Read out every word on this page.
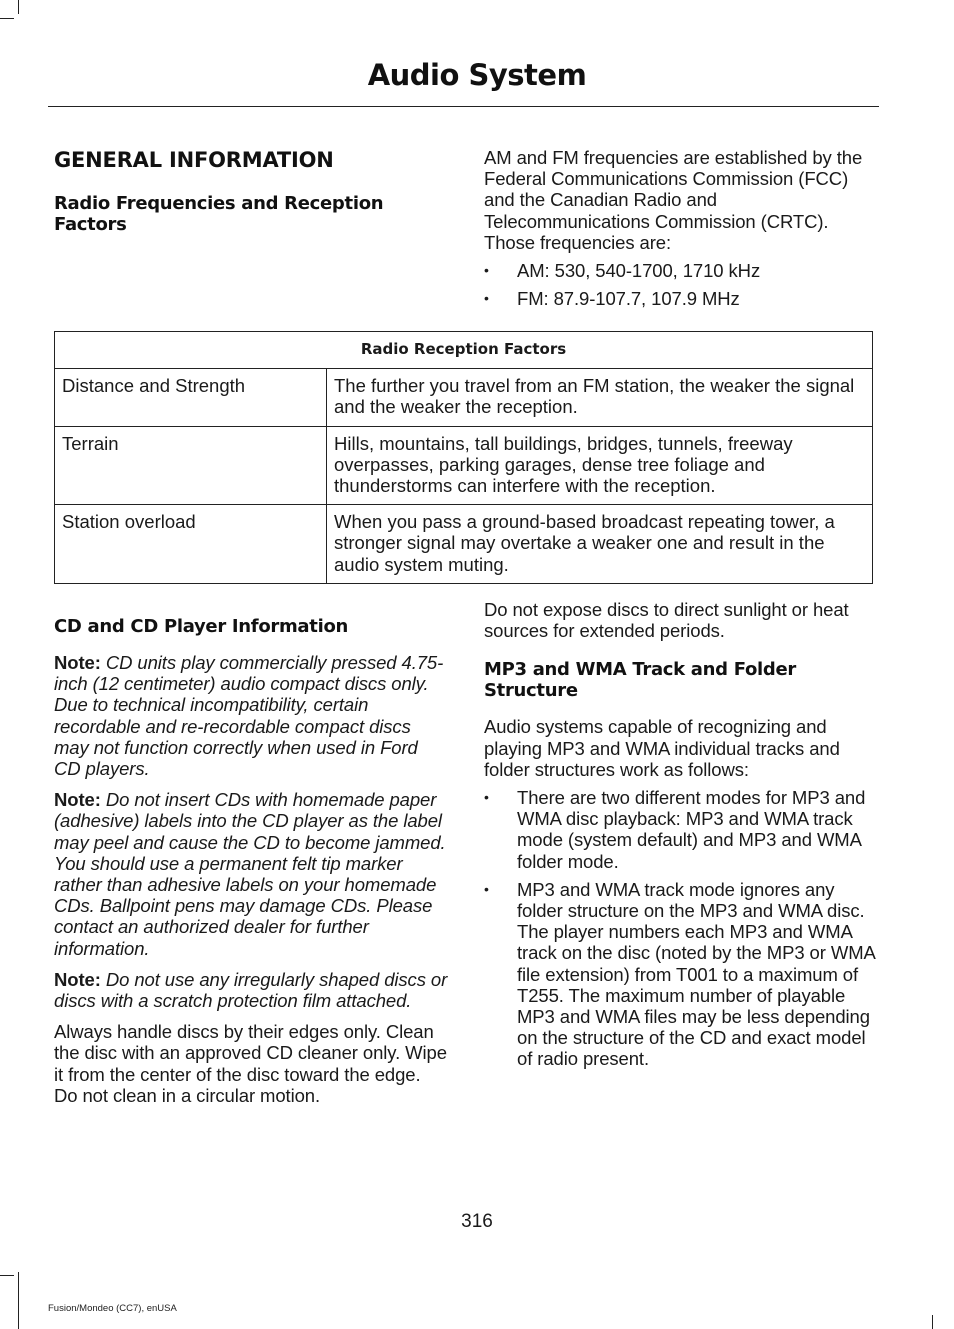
Audio System
GENERAL INFORMATION
Radio Frequencies and Reception Factors

AM and FM frequencies are established by the Federal Communications Commission (FCC) and the Canadian Radio and Telecommunications Commission (CRTC). Those frequencies are:

• AM: 530, 540-1700, 1710 kHz
• FM: 87.9-107.7, 107.9 MHz
Radio Reception Factors	
Distance and Strength	The further you travel from an FM station, the weaker the signal and the weaker the reception.
Terrain	Hills, mountains, tall buildings, bridges, tunnels, freeway overpasses, parking garages, dense tree foliage and thunderstorms can interfere with the reception.
Station overload	When you pass a ground-based broadcast repeating tower, a stronger signal may overtake a weaker one and result in the audio system muting.
CD and CD Player Information

Note: CD units play commercially pressed 4.75-inch (12 centimeter) audio compact discs only. Due to technical incompatibility, certain recordable and re-recordable compact discs may not function correctly when used in Ford CD players.

Note: Do not insert CDs with homemade paper (adhesive) labels into the CD player as the label may peel and cause the CD to become jammed. You should use a permanent felt tip marker rather than adhesive labels on your homemade CDs. Ballpoint pens may damage CDs. Please contact an authorized dealer for further information.

Note: Do not use any irregularly shaped discs or discs with a scratch protection film attached.

Always handle discs by their edges only. Clean the disc with an approved CD cleaner only. Wipe it from the center of the disc toward the edge. Do not clean in a circular motion.

Do not expose discs to direct sunlight or heat sources for extended periods.

MP3 and WMA Track and Folder Structure

Audio systems capable of recognizing and playing MP3 and WMA individual tracks and folder structures work as follows:

• There are two different modes for MP3 and WMA disc playback: MP3 and WMA track mode (system default) and MP3 and WMA folder mode.
• MP3 and WMA track mode ignores any folder structure on the MP3 and WMA disc. The player numbers each MP3 and WMA track on the disc (noted by the MP3 or WMA file extension) from T001 to a maximum of T255. The maximum number of playable MP3 and WMA files may be less depending on the structure of the CD and exact model of radio present.
316
Fusion/Mondeo (CC7), enUSA
